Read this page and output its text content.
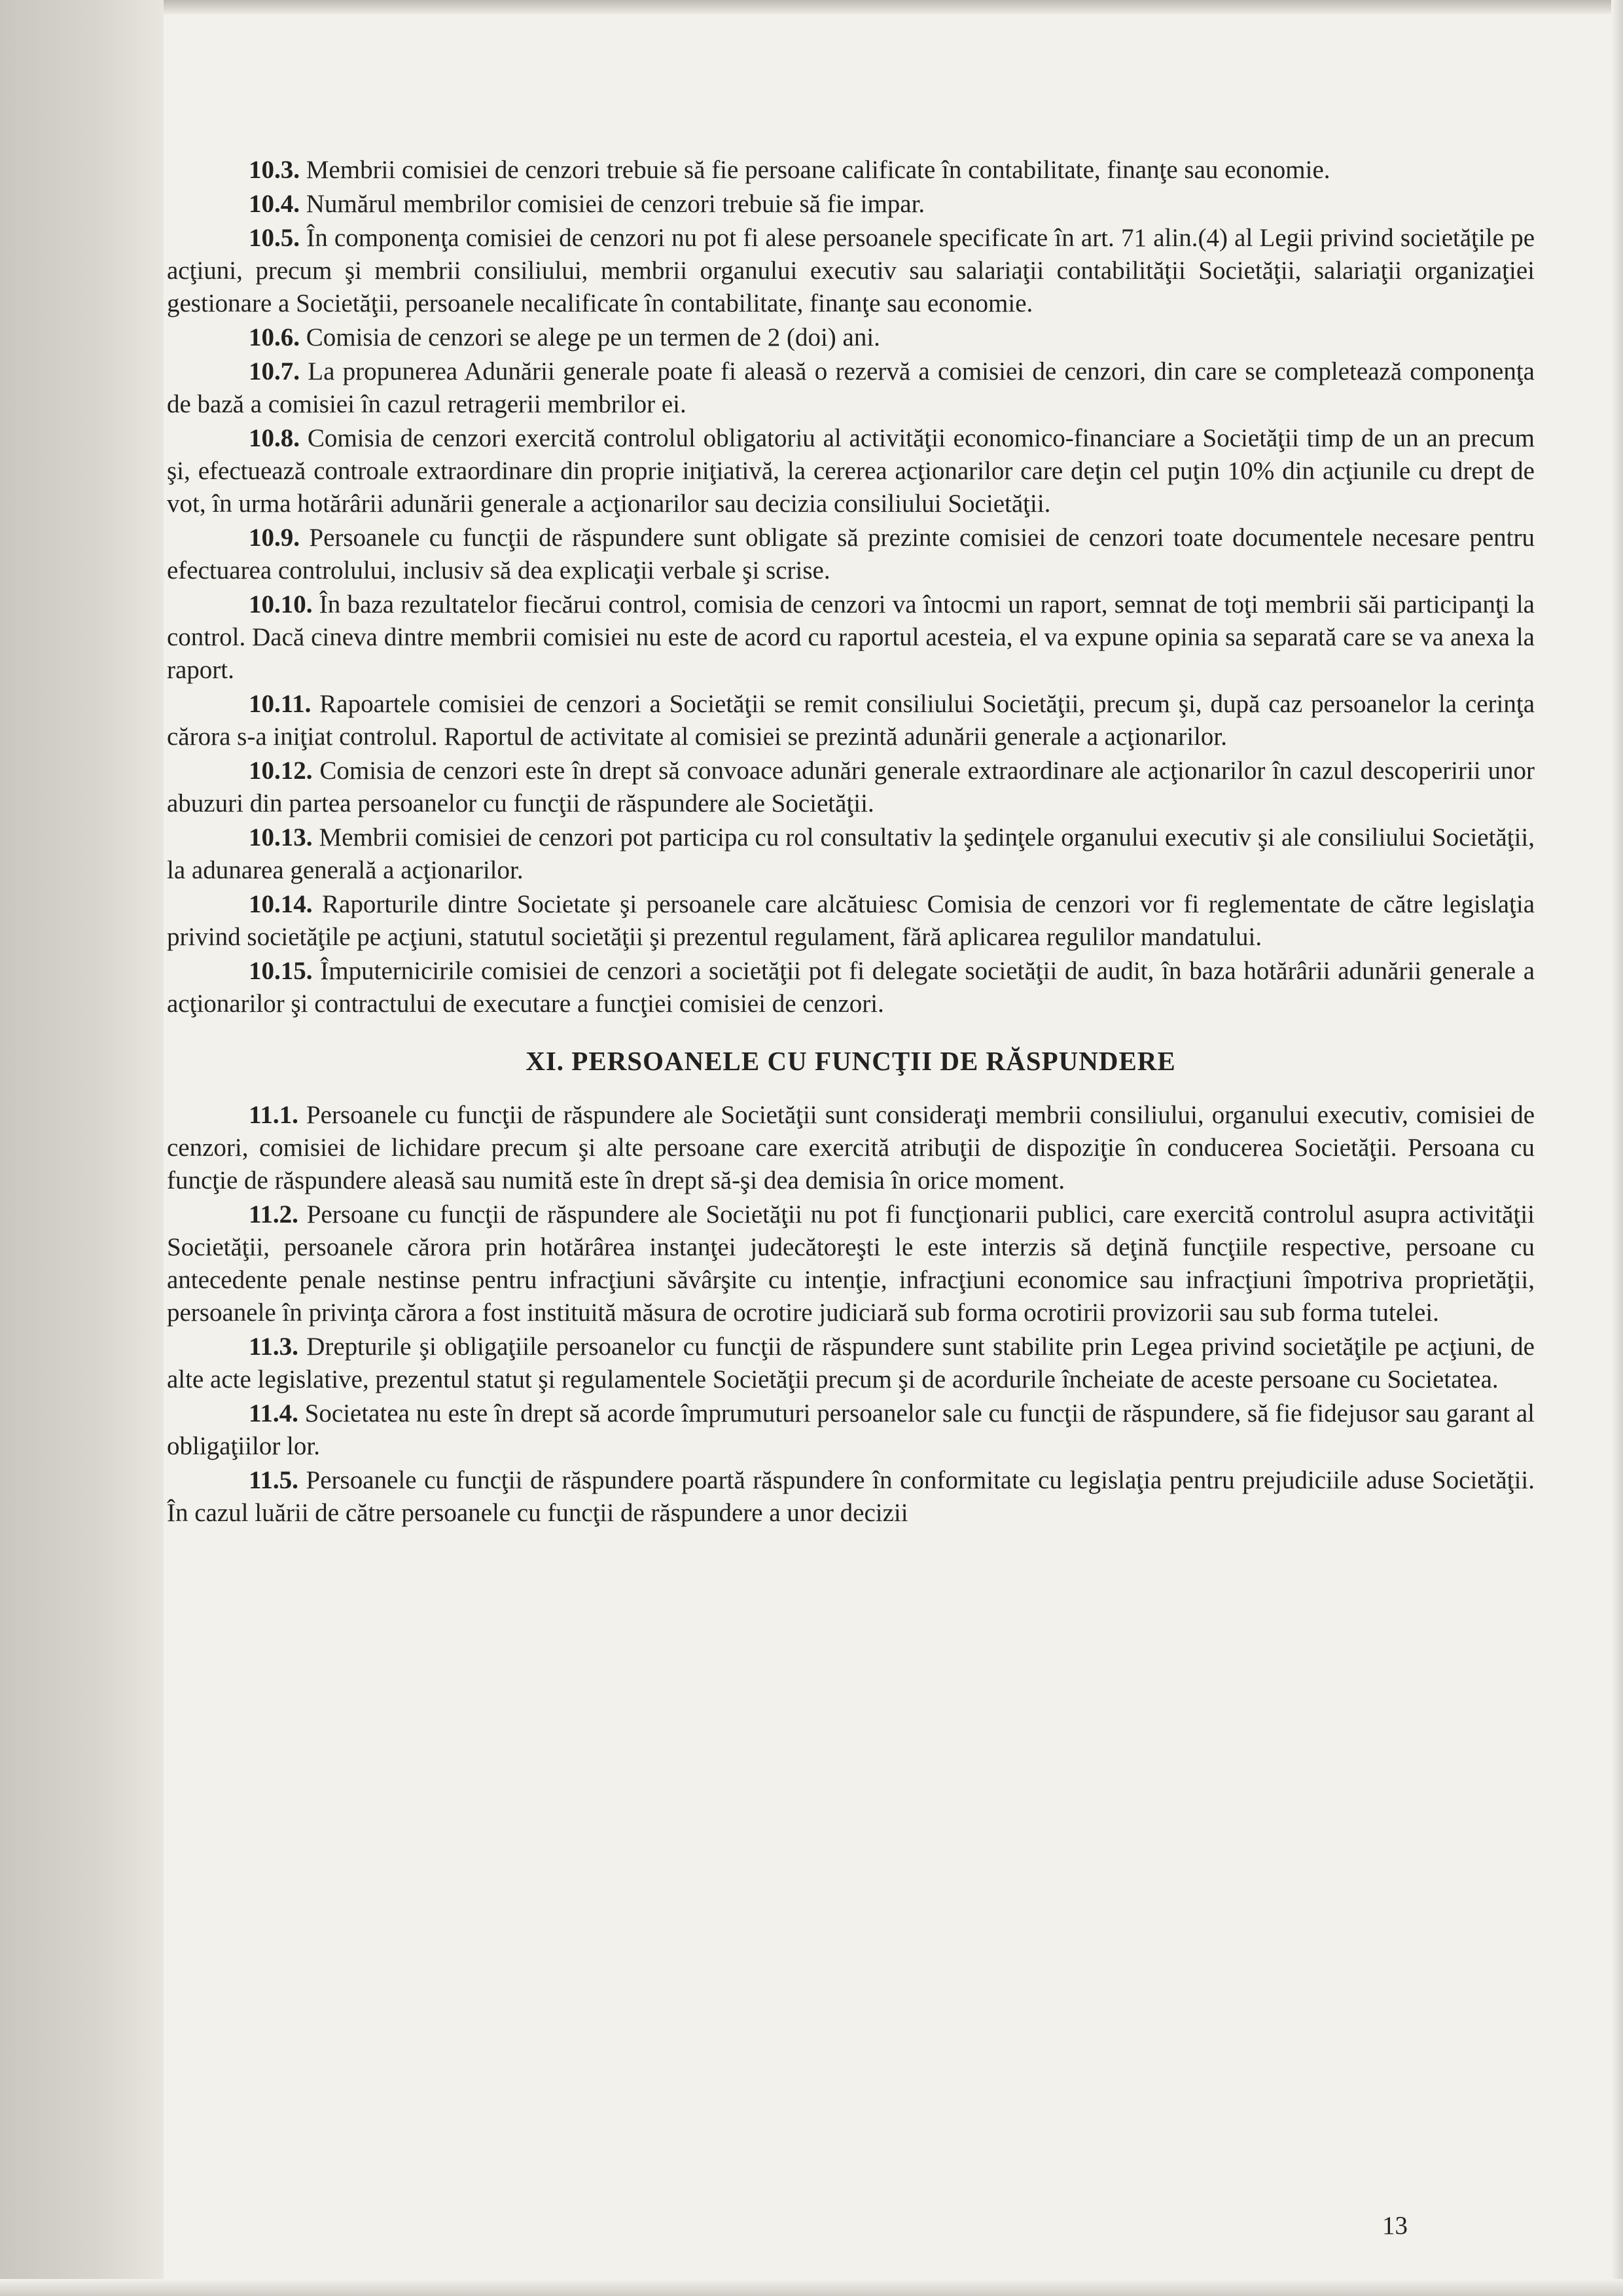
10.3. Membrii comisiei de cenzori trebuie să fie persoane calificate în contabilitate, finanţe sau economie.

10.4. Numărul membrilor comisiei de cenzori trebuie să fie impar.

10.5. În componenţa comisiei de cenzori nu pot fi alese persoanele specificate în art. 71 alin.(4) al Legii privind societăţile pe acţiuni, precum şi membrii consiliului, membrii organului executiv sau salariaţii contabilităţii Societăţii, salariaţii organizaţiei gestionare a Societăţii, persoanele necalificate în contabilitate, finanţe sau economie.

10.6. Comisia de cenzori se alege pe un termen de 2 (doi) ani.

10.7. La propunerea Adunării generale poate fi aleasă o rezervă a comisiei de cenzori, din care se completează componenţa de bază a comisiei în cazul retragerii membrilor ei.

10.8. Comisia de cenzori exercită controlul obligatoriu al activităţii economico-financiare a Societăţii timp de un an precum şi, efectuează controale extraordinare din proprie iniţiativă, la cererea acţionarilor care deţin cel puţin 10% din acţiunile cu drept de vot, în urma hotărârii adunării generale a acţionarilor sau decizia consiliului Societăţii.

10.9. Persoanele cu funcţii de răspundere sunt obligate să prezinte comisiei de cenzori toate documentele necesare pentru efectuarea controlului, inclusiv să dea explicaţii verbale şi scrise.

10.10. În baza rezultatelor fiecărui control, comisia de cenzori va întocmi un raport, semnat de toţi membrii săi participanţi la control. Dacă cineva dintre membrii comisiei nu este de acord cu raportul acesteia, el va expune opinia sa separată care se va anexa la raport.

10.11. Rapoartele comisiei de cenzori a Societăţii se remit consiliului Societăţii, precum şi, după caz persoanelor la cerinţa cărora s-a iniţiat controlul. Raportul de activitate al comisiei se prezintă adunării generale a acţionarilor.

10.12. Comisia de cenzori este în drept să convoace adunări generale extraordinare ale acţionarilor în cazul descoperirii unor abuzuri din partea persoanelor cu funcţii de răspundere ale Societăţii.

10.13. Membrii comisiei de cenzori pot participa cu rol consultativ la şedinţele organului executiv şi ale consiliului Societăţii, la adunarea generală a acţionarilor.

10.14. Raporturile dintre Societate şi persoanele care alcătuiesc Comisia de cenzori vor fi reglementate de către legislaţia privind societăţile pe acţiuni, statutul societăţii şi prezentul regulament, fără aplicarea regulilor mandatului.

10.15. Împuternicirile comisiei de cenzori a societăţii pot fi delegate societăţii de audit, în baza hotărârii adunării generale a acţionarilor şi contractului de executare a funcţiei comisiei de cenzori.

XI. PERSOANELE CU FUNCŢII DE RĂSPUNDERE

11.1. Persoanele cu funcţii de răspundere ale Societăţii sunt consideraţi membrii consiliului, organului executiv, comisiei de cenzori, comisiei de lichidare precum şi alte persoane care exercită atribuţii de dispoziţie în conducerea Societăţii. Persoana cu funcţie de răspundere aleasă sau numită este în drept să-şi dea demisia în orice moment.

11.2. Persoane cu funcţii de răspundere ale Societăţii nu pot fi funcţionarii publici, care exercită controlul asupra activităţii Societăţii, persoanele cărora prin hotărârea instanţei judecătoreşti le este interzis să deţină funcţiile respective, persoane cu antecedente penale nestinse pentru infracţiuni săvârşite cu intenţie, infracţiuni economice sau infracţiuni împotriva proprietăţii, persoanele în privinţa cărora a fost instituită măsura de ocrotire judiciară sub forma ocrotirii provizorii sau sub forma tutelei.

11.3. Drepturile şi obligaţiile persoanelor cu funcţii de răspundere sunt stabilite prin Legea privind societăţile pe acţiuni, de alte acte legislative, prezentul statut şi regulamentele Societăţii precum şi de acordurile încheiate de aceste persoane cu Societatea.

11.4. Societatea nu este în drept să acorde împrumuturi persoanelor sale cu funcţii de răspundere, să fie fidejusor sau garant al obligaţiilor lor.

11.5. Persoanele cu funcţii de răspundere poartă răspundere în conformitate cu legislaţia pentru prejudiciile aduse Societăţii. În cazul luării de către persoanele cu funcţii de răspundere a unor decizii

13
